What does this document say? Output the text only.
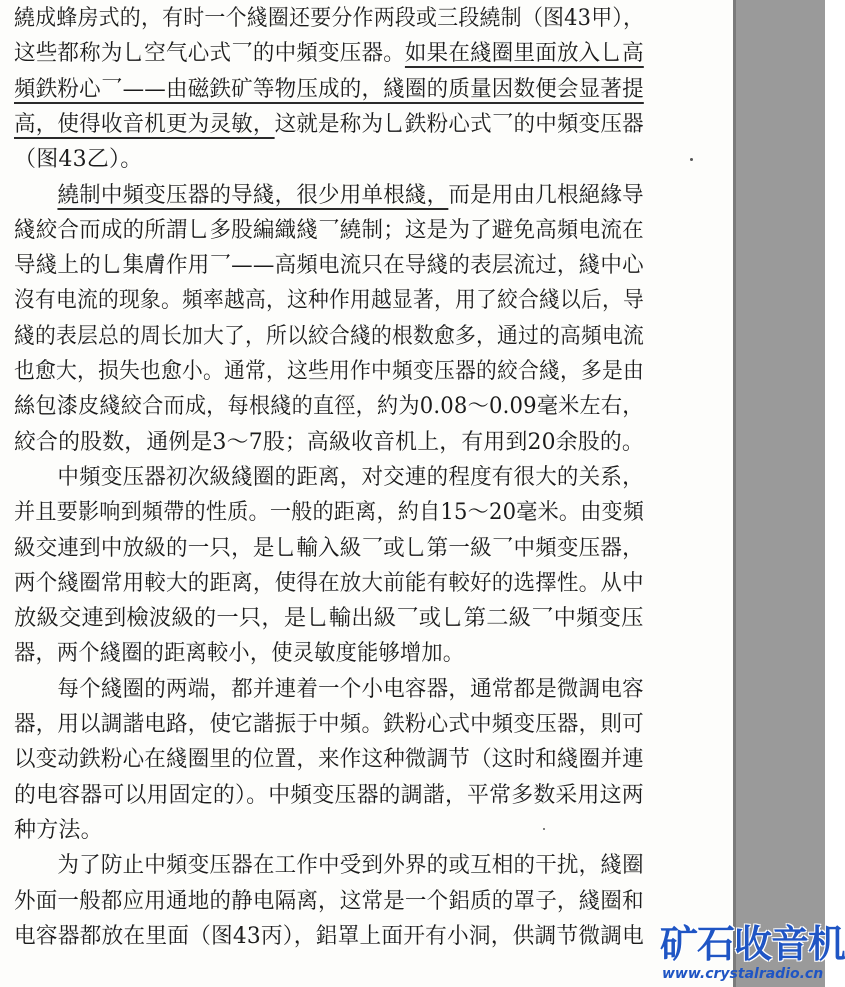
繞成蜂房式的，有时一个綫圈还要分作两段或三段繞制（图43甲），
这些都称为乚空气心式乛的中頻变压器。如果在綫圈里面放入乚高
頻鉄粉心乛——由磁鉄矿等物压成的，綫圈的质量因数便会显著提
高，使得收音机更为灵敏，这就是称为乚鉄粉心式乛的中頻变压器
（图43乙）。
　　繞制中頻变压器的导綫，很少用单根綫，而是用由几根絕緣导
綫絞合而成的所謂乚多股編織綫乛繞制；这是为了避免高頻电流在
导綫上的乚集膚作用乛——高頻电流只在导綫的表层流过，綫中心
沒有电流的现象。頻率越高，这种作用越显著，用了絞合綫以后，导
綫的表层总的周长加大了，所以絞合綫的根数愈多，通过的高頻电流
也愈大，损失也愈小。通常，这些用作中頻变压器的絞合綫，多是由
絲包漆皮綫絞合而成，每根綫的直徑，約为0.08～0.09毫米左右，
絞合的股数，通例是3～7股；高級收音机上，有用到20余股的。
　　中頻变压器初次級綫圈的距离，对交連的程度有很大的关系，
并且要影响到頻帶的性质。一般的距离，約自15～20毫米。由变頻
級交連到中放級的一只，是乚輸入級乛或乚第一級乛中頻变压器，
两个綫圈常用較大的距离，使得在放大前能有較好的选擇性。从中
放級交連到檢波級的一只，是乚輸出級乛或乚第二級乛中頻变压
器，两个綫圈的距离較小，使灵敏度能够增加。
　　每个綫圈的两端，都并連着一个小电容器，通常都是微調电容
器，用以調諧电路，使它諧振于中頻。鉄粉心式中頻变压器，則可
以变动鉄粉心在綫圈里的位置，来作这种微調节（这时和綫圈并連
的电容器可以用固定的）。中頻变压器的調諧，平常多数采用这两
种方法。
　　为了防止中頻变压器在工作中受到外界的或互相的干扰，綫圈
外面一般都应用通地的静电隔离，这常是一个鋁质的罩子，綫圈和
电容器都放在里面（图43丙），鋁罩上面开有小洞，供調节微調电 矿石收音机
www.crystalradio.cn
